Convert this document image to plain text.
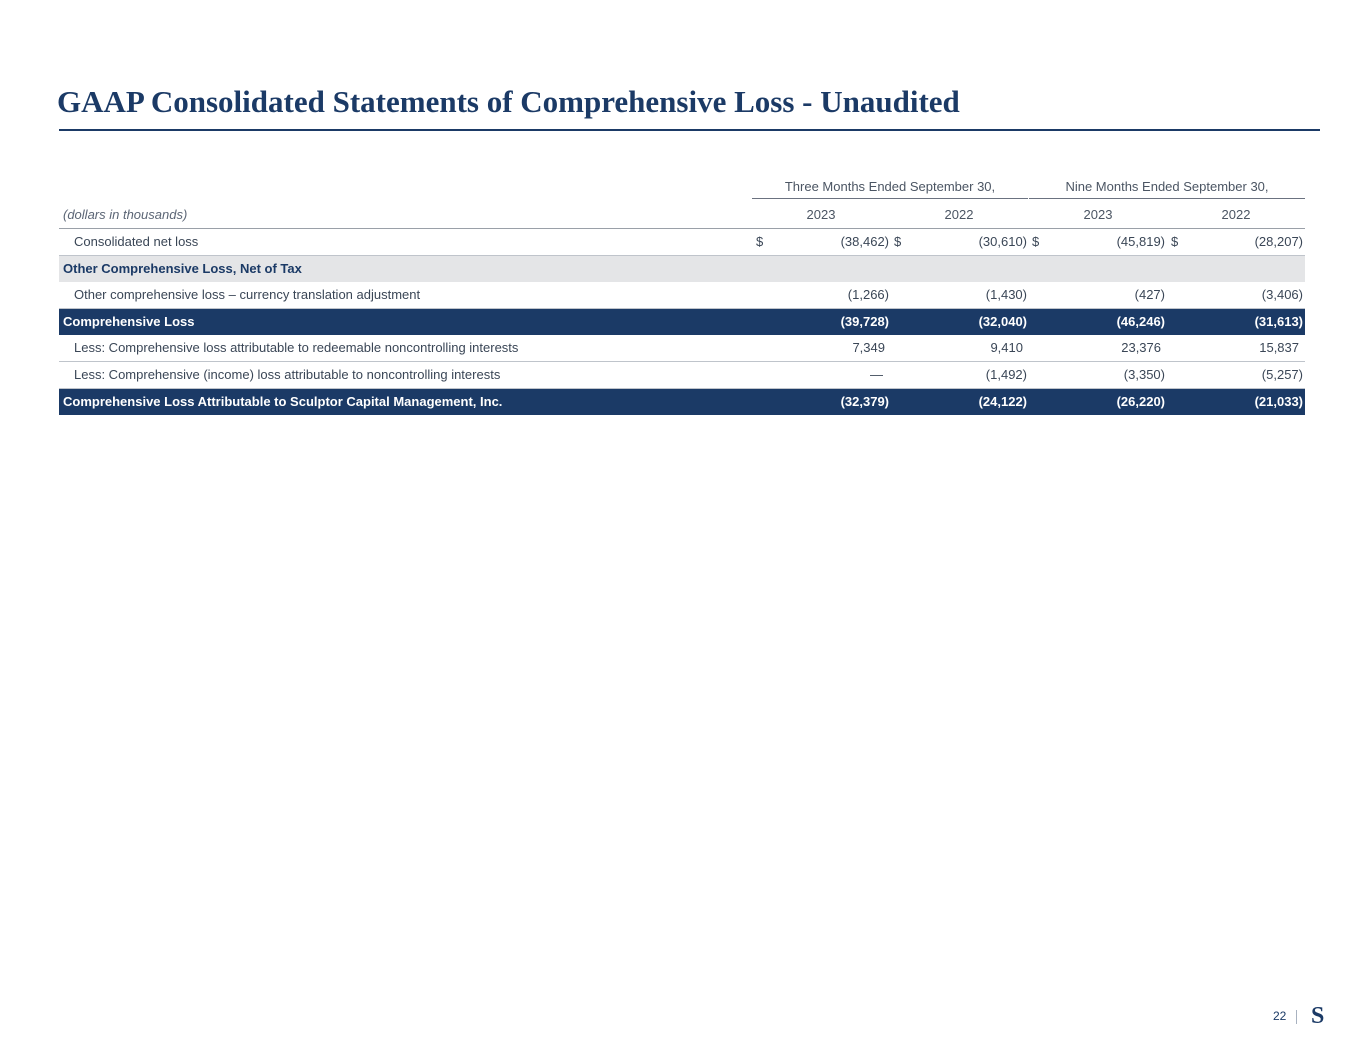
GAAP Consolidated Statements of Comprehensive Loss - Unaudited
Three Months Ended September 30,	Nine Months Ended September 30,
(dollars in thousands)	2023	2022	2023	2022
Consolidated net loss	$	(38,462) $	(30,610) $	(45,819) $	(28,207)
Other Comprehensive Loss, Net of Tax
Other comprehensive loss – currency translation adjustment	(1,266)	(1,430)	(427)	(3,406)
Comprehensive Loss	(39,728)	(32,040)	(46,246)	(31,613)
Less: Comprehensive loss attributable to redeemable noncontrolling interests	7,349	9,410	23,376	15,837
Less: Comprehensive (income) loss attributable to noncontrolling interests	—	(1,492)	(3,350)	(5,257)
Comprehensive Loss Attributable to Sculptor Capital Management, Inc.	(32,379)	(24,122)	(26,220)	(21,033)
22 S
